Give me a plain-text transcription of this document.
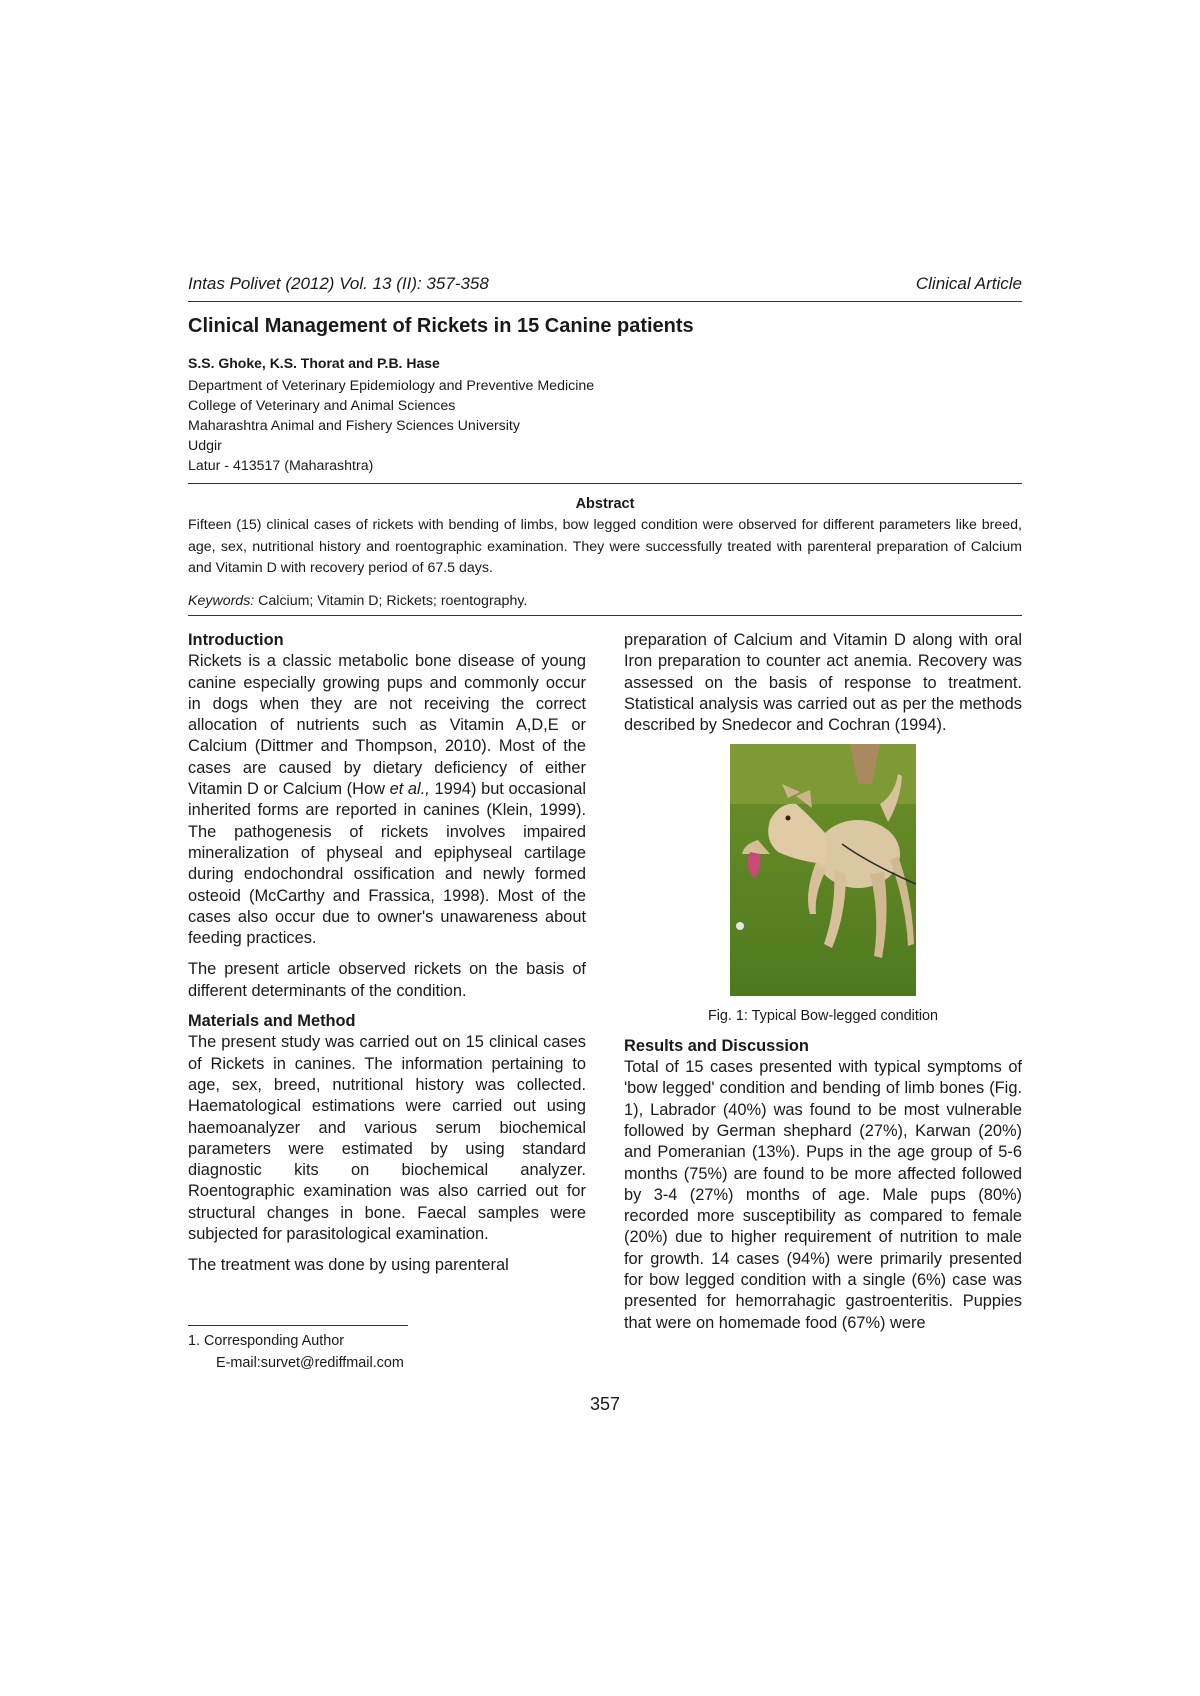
Intas Polivet (2012) Vol. 13 (II): 357-358	Clinical Article
Clinical Management of Rickets in 15 Canine patients
S.S. Ghoke, K.S. Thorat and P.B. Hase
Department of Veterinary Epidemiology and Preventive Medicine
College of Veterinary and Animal Sciences
Maharashtra Animal and Fishery Sciences University
Udgir
Latur - 413517 (Maharashtra)
Abstract

Fifteen (15) clinical cases of rickets with bending of limbs, bow legged condition were observed for different parameters like breed, age, sex, nutritional history and roentographic examination. They were successfully treated with parenteral preparation of Calcium and Vitamin D with recovery period of 67.5 days.

Keywords: Calcium; Vitamin D; Rickets; roentography.
Introduction

Rickets is a classic metabolic bone disease of young canine especially growing pups and commonly occur in dogs when they are not receiving the correct allocation of nutrients such as Vitamin A,D,E or Calcium (Dittmer and Thompson, 2010). Most of the cases are caused by dietary deficiency of either Vitamin D or Calcium (How et al., 1994) but occasional inherited forms are reported in canines (Klein, 1999). The pathogenesis of rickets involves impaired mineralization of physeal and epiphyseal cartilage during endochondral ossification and newly formed osteoid (McCarthy and Frassica, 1998). Most of the cases also occur due to owner's unawareness about feeding practices.

The present article observed rickets on the basis of different determinants of the condition.

Materials and Method

The present study was carried out on 15 clinical cases of Rickets in canines. The information pertaining to age, sex, breed, nutritional history was collected. Haematological estimations were carried out using haemoanalyzer and various serum biochemical parameters were estimated by using standard diagnostic kits on biochemical analyzer. Roentographic examination was also carried out for structural changes in bone. Faecal samples were subjected for parasitological examination.

The treatment was done by using parenteral

1. Corresponding Author
E-mail:survet@rediffmail.com

preparation of Calcium and Vitamin D along with oral Iron preparation to counter act anemia. Recovery was assessed on the basis of response to treatment. Statistical analysis was carried out as per the methods described by Snedecor and Cochran (1994).

Fig. 1: Typical Bow-legged condition
Results and Discussion

Total of 15 cases presented with typical symptoms of 'bow legged' condition and bending of limb bones (Fig. 1), Labrador (40%) was found to be most vulnerable followed by German shephard (27%), Karwan (20%) and Pomeranian (13%). Pups in the age group of 5-6 months (75%) are found to be more affected followed by 3-4 (27%) months of age. Male pups (80%) recorded more susceptibility as compared to female (20%) due to higher requirement of nutrition to male for growth. 14 cases (94%) were primarily presented for bow legged condition with a single (6%) case was presented for hemorrahagic gastroenteritis. Puppies that were on homemade food (67%) were

357
